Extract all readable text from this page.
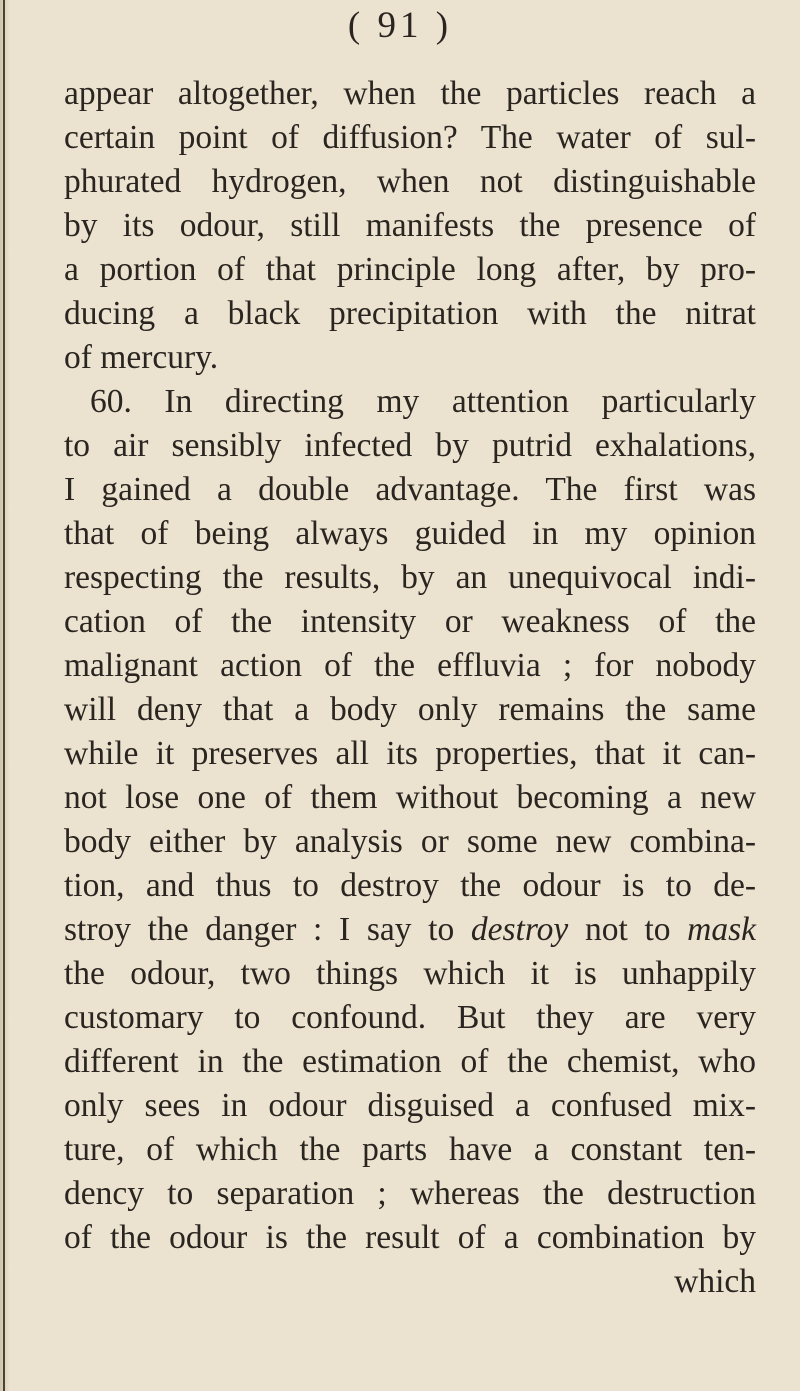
( 91 )
appear altogether, when the particles reach a
certain point of diffusion? The water of sul-
phurated hydrogen, when not distinguishable
by its odour, still manifests the presence of
a portion of that principle long after, by pro-
ducing a black precipitation with the nitrat
of mercury.
60. In directing my attention particularly
to air sensibly infected by putrid exhalations,
I gained a double advantage. The first was
that of being always guided in my opinion
respecting the results, by an unequivocal indi-
cation of the intensity or weakness of the
malignant action of the effluvia ; for nobody
will deny that a body only remains the same
while it preserves all its properties, that it can-
not lose one of them without becoming a new
body either by analysis or some new combina-
tion, and thus to destroy the odour is to de-
stroy the danger : I say to destroy not to mask
the odour, two things which it is unhappily
customary to confound. But they are very
different in the estimation of the chemist, who
only sees in odour disguised a confused mix-
ture, of which the parts have a constant ten-
dency to separation ; whereas the destruction
of the odour is the result of a combination by
which
